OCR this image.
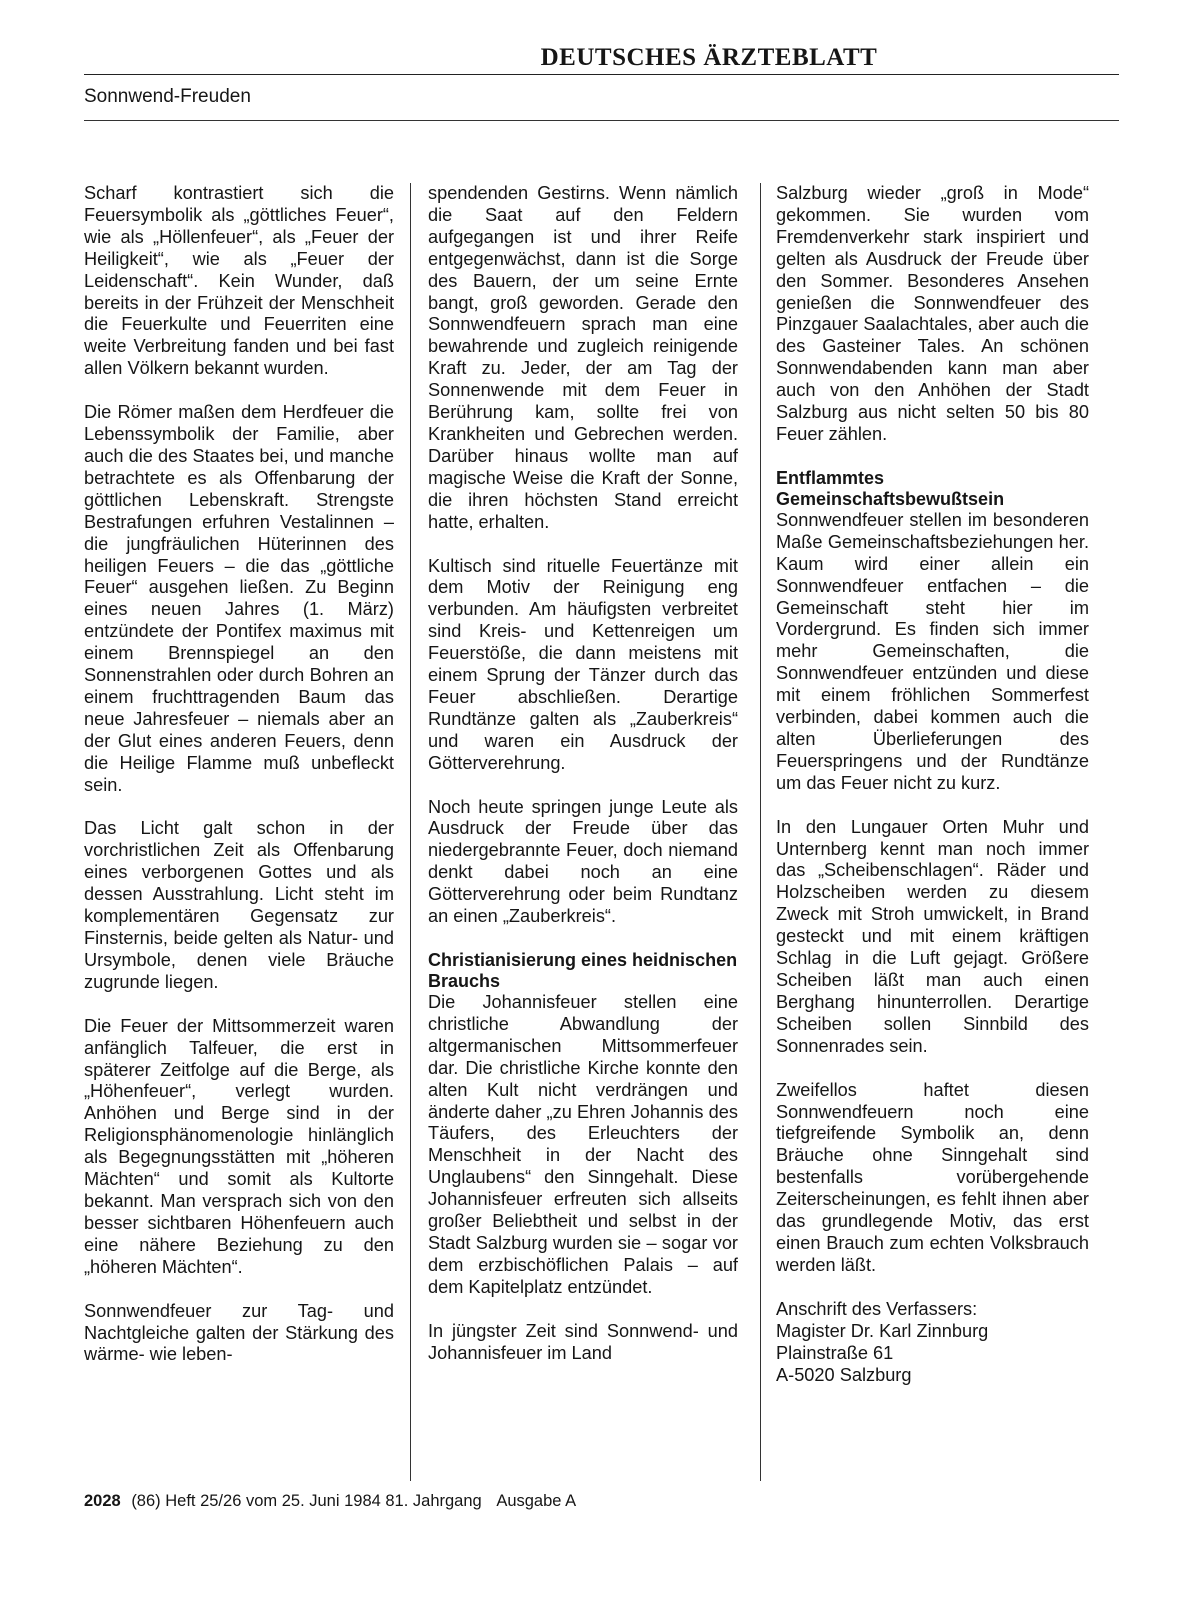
DEUTSCHES ÄRZTEBLATT
Sonnwend-Freuden

Scharf kontrastiert sich die Feuersymbolik als „göttliches Feuer“, wie als „Höllenfeuer“, als „Feuer der Heiligkeit“, wie als „Feuer der Leidenschaft“. Kein Wunder, daß bereits in der Frühzeit der Menschheit die Feuerkulte und Feuerriten eine weite Verbreitung fanden und bei fast allen Völkern bekannt wurden.

Die Römer maßen dem Herdfeuer die Lebenssymbolik der Familie, aber auch die des Staates bei, und manche betrachtete es als Offenbarung der göttlichen Lebenskraft. Strengste Bestrafungen erfuhren Vestalinnen – die jungfräulichen Hüterinnen des heiligen Feuers – die das „göttliche Feuer“ ausgehen ließen. Zu Beginn eines neuen Jahres (1. März) entzündete der Pontifex maximus mit einem Brennspiegel an den Sonnenstrahlen oder durch Bohren an einem fruchttragenden Baum das neue Jahresfeuer – niemals aber an der Glut eines anderen Feuers, denn die Heilige Flamme muß unbefleckt sein.

Das Licht galt schon in der vorchristlichen Zeit als Offenbarung eines verborgenen Gottes und als dessen Ausstrahlung. Licht steht im komplementären Gegensatz zur Finsternis, beide gelten als Natur- und Ursymbole, denen viele Bräuche zugrunde liegen.

Die Feuer der Mittsommerzeit waren anfänglich Talfeuer, die erst in späterer Zeitfolge auf die Berge, als „Höhenfeuer“, verlegt wurden. Anhöhen und Berge sind in der Religionsphänomenologie hinlänglich als Begegnungsstätten mit „höheren Mächten“ und somit als Kultorte bekannt. Man versprach sich von den besser sichtbaren Höhenfeuern auch eine nähere Beziehung zu den „höheren Mächten“.

Sonnwendfeuer zur Tag- und Nachtgleiche galten der Stärkung des wärme- wie leben-

spendenden Gestirns. Wenn nämlich die Saat auf den Feldern aufgegangen ist und ihrer Reife entgegenwächst, dann ist die Sorge des Bauern, der um seine Ernte bangt, groß geworden. Gerade den Sonnwendfeuern sprach man eine bewahrende und zugleich reinigende Kraft zu. Jeder, der am Tag der Sonnenwende mit dem Feuer in Berührung kam, sollte frei von Krankheiten und Gebrechen werden. Darüber hinaus wollte man auf magische Weise die Kraft der Sonne, die ihren höchsten Stand erreicht hatte, erhalten.

Kultisch sind rituelle Feuertänze mit dem Motiv der Reinigung eng verbunden. Am häufigsten verbreitet sind Kreis- und Kettenreigen um Feuerstöße, die dann meistens mit einem Sprung der Tänzer durch das Feuer abschließen. Derartige Rundtänze galten als „Zauberkreis“ und waren ein Ausdruck der Götterverehrung.

Noch heute springen junge Leute als Ausdruck der Freude über das niedergebrannte Feuer, doch niemand denkt dabei noch an eine Götterverehrung oder beim Rundtanz an einen „Zauberkreis“.

Christianisierung eines heidnischen Brauchs

Die Johannisfeuer stellen eine christliche Abwandlung der altgermanischen Mittsommerfeuer dar. Die christliche Kirche konnte den alten Kult nicht verdrängen und änderte daher „zu Ehren Johannis des Täufers, des Erleuchters der Menschheit in der Nacht des Unglaubens“ den Sinngehalt. Diese Johannisfeuer erfreuten sich allseits großer Beliebtheit und selbst in der Stadt Salzburg wurden sie – sogar vor dem erzbischöflichen Palais – auf dem Kapitelplatz entzündet.

In jüngster Zeit sind Sonnwend- und Johannisfeuer im Land

Salzburg wieder „groß in Mode“ gekommen. Sie wurden vom Fremdenverkehr stark inspiriert und gelten als Ausdruck der Freude über den Sommer. Besonderes Ansehen genießen die Sonnwendfeuer des Pinzgauer Saalachtales, aber auch die des Gasteiner Tales. An schönen Sonnwendabenden kann man aber auch von den Anhöhen der Stadt Salzburg aus nicht selten 50 bis 80 Feuer zählen.

Entflammtes Gemeinschaftsbewußtsein

Sonnwendfeuer stellen im besonderen Maße Gemeinschaftsbeziehungen her. Kaum wird einer allein ein Sonnwendfeuer entfachen – die Gemeinschaft steht hier im Vordergrund. Es finden sich immer mehr Gemeinschaften, die Sonnwendfeuer entzünden und diese mit einem fröhlichen Sommerfest verbinden, dabei kommen auch die alten Überlieferungen des Feuerspringens und der Rundtänze um das Feuer nicht zu kurz.

In den Lungauer Orten Muhr und Unternberg kennt man noch immer das „Scheibenschlagen“. Räder und Holzscheiben werden zu diesem Zweck mit Stroh umwickelt, in Brand gesteckt und mit einem kräftigen Schlag in die Luft gejagt. Größere Scheiben läßt man auch einen Berghang hinunterrollen. Derartige Scheiben sollen Sinnbild des Sonnenrades sein.

Zweifellos haftet diesen Sonnwendfeuern noch eine tiefgreifende Symbolik an, denn Bräuche ohne Sinngehalt sind bestenfalls vorübergehende Zeiterscheinungen, es fehlt ihnen aber das grundlegende Motiv, das erst einen Brauch zum echten Volksbrauch werden läßt.

Anschrift des Verfassers:
Magister Dr. Karl Zinnburg
Plainstraße 61
A-5020 Salzburg
2028 (86) Heft 25/26 vom 25. Juni 1984 81. Jahrgang Ausgabe A
